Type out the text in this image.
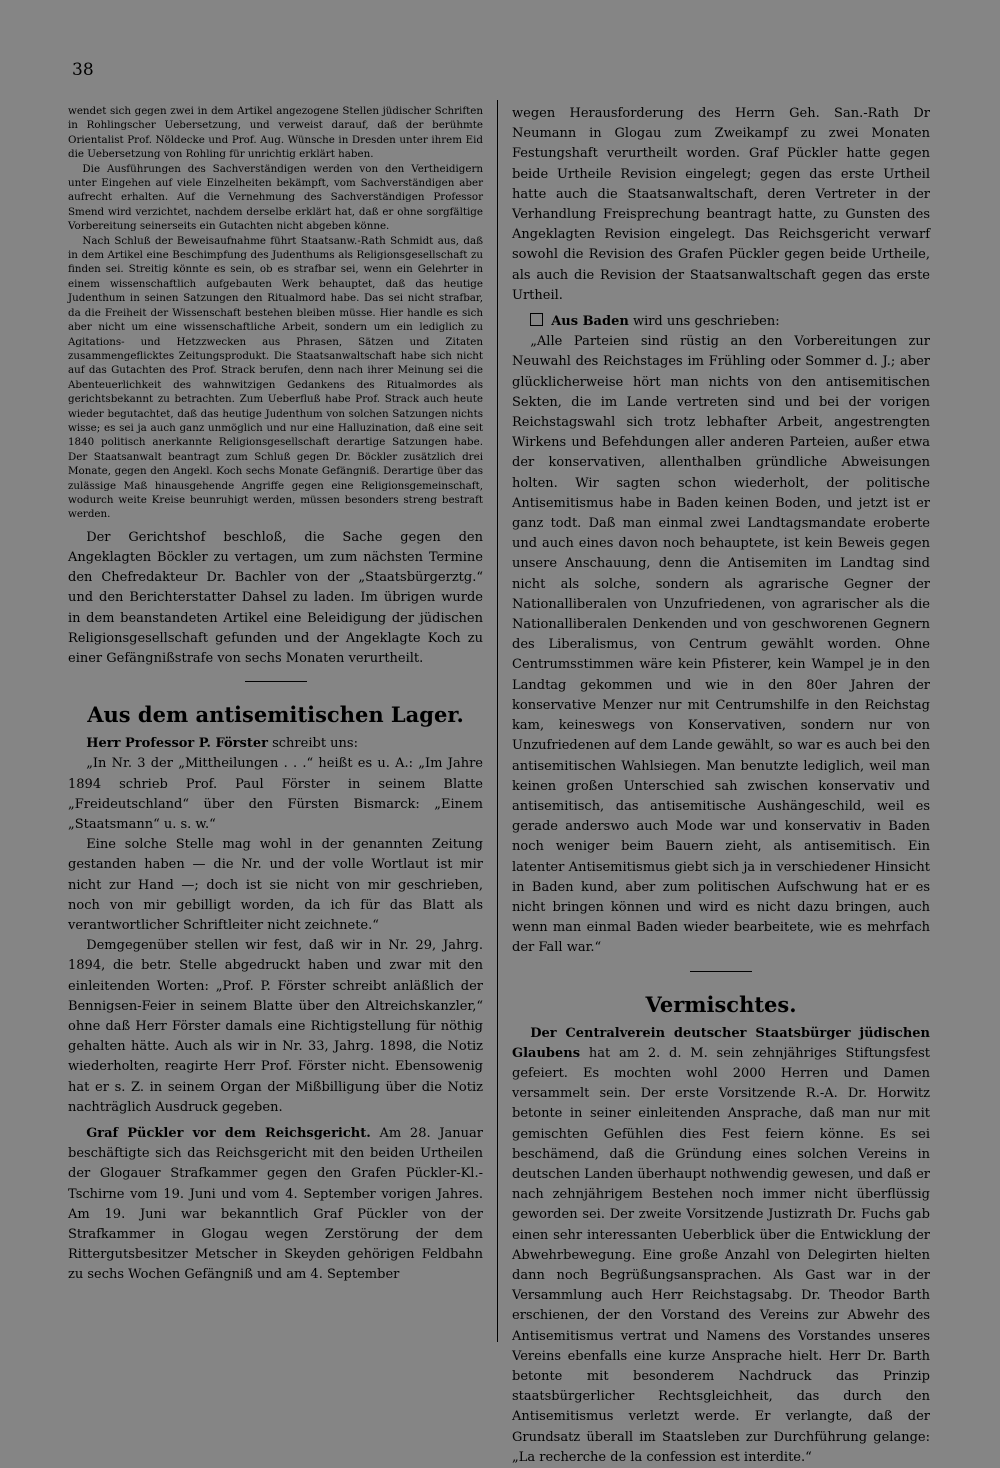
38

wendet sich gegen zwei in dem Artikel angezogene Stellen jüdischer Schriften in Rohlingscher Uebersetzung, und verweist darauf, daß der berühmte Orientalist Prof. Nöldecke und Prof. Aug. Wünsche in Dresden unter ihrem Eid die Uebersetzung von Rohling für unrichtig erklärt haben.

Die Ausführungen des Sachverständigen werden von den Vertheidigern unter Eingehen auf viele Einzelheiten bekämpft, vom Sachverständigen aber aufrecht erhalten. Auf die Vernehmung des Sachverständigen Professor Smend wird verzichtet, nachdem derselbe erklärt hat, daß er ohne sorgfältige Vorbereitung seinerseits ein Gutachten nicht abgeben könne.

Nach Schluß der Beweisaufnahme führt Staatsanw.-Rath Schmidt aus, daß in dem Artikel eine Beschimpfung des Judenthums als Religionsgesellschaft zu finden sei. Streitig könnte es sein, ob es strafbar sei, wenn ein Gelehrter in einem wissenschaftlich aufgebauten Werk behauptet, daß das heutige Judenthum in seinen Satzungen den Ritualmord habe. Das sei nicht strafbar, da die Freiheit der Wissenschaft bestehen bleiben müsse. Hier handle es sich aber nicht um eine wissenschaftliche Arbeit, sondern um ein lediglich zu Agitations- und Hetzzwecken aus Phrasen, Sätzen und Zitaten zusammengeflicktes Zeitungsprodukt. Die Staatsanwaltschaft habe sich nicht auf das Gutachten des Prof. Strack berufen, denn nach ihrer Meinung sei die Abenteuerlichkeit des wahnwitzigen Gedankens des Ritualmordes als gerichtsbekannt zu betrachten. Zum Ueberfluß habe Prof. Strack auch heute wieder begutachtet, daß das heutige Judenthum von solchen Satzungen nichts wisse; es sei ja auch ganz unmöglich und nur eine Halluzination, daß eine seit 1840 politisch anerkannte Religionsgesellschaft derartige Satzungen habe. Der Staatsanwalt beantragt zum Schluß gegen Dr. Böckler zusätzlich drei Monate, gegen den Angekl. Koch sechs Monate Gefängniß. Derartige über das zulässige Maß hinausgehende Angriffe gegen eine Religionsgemeinschaft, wodurch weite Kreise beunruhigt werden, müssen besonders streng bestraft werden.

Der Gerichtshof beschloß, die Sache gegen den Angeklagten Böckler zu vertagen, um zum nächsten Termine den Chefredakteur Dr. Bachler von der „Staatsbürgerztg.“ und den Berichterstatter Dahsel zu laden. Im übrigen wurde in dem beanstandeten Artikel eine Beleidigung der jüdischen Religionsgesellschaft gefunden und der Angeklagte Koch zu einer Gefängnißstrafe von sechs Monaten verurtheilt.

Aus dem antisemitischen Lager.

Herr Professor P. Förster schreibt uns:

„In Nr. 3 der „Mittheilungen . . .“ heißt es u. A.: „Im Jahre 1894 schrieb Prof. Paul Förster in seinem Blatte „Freideutschland“ über den Fürsten Bismarck: „Einem „Staatsmann“ u. s. w.“

Eine solche Stelle mag wohl in der genannten Zeitung gestanden haben — die Nr. und der volle Wortlaut ist mir nicht zur Hand —; doch ist sie nicht von mir geschrieben, noch von mir gebilligt worden, da ich für das Blatt als verantwortlicher Schriftleiter nicht zeichnete.“

Demgegenüber stellen wir fest, daß wir in Nr. 29, Jahrg. 1894, die betr. Stelle abgedruckt haben und zwar mit den einleitenden Worten: „Prof. P. Förster schreibt anläßlich der Bennigsen-Feier in seinem Blatte über den Altreichskanzler,“ ohne daß Herr Förster damals eine Richtigstellung für nöthig gehalten hätte. Auch als wir in Nr. 33, Jahrg. 1898, die Notiz wiederholten, reagirte Herr Prof. Förster nicht. Ebensowenig hat er s. Z. in seinem Organ der Mißbilligung über die Notiz nachträglich Ausdruck gegeben.

Graf Pückler vor dem Reichsgericht. Am 28. Januar beschäftigte sich das Reichsgericht mit den beiden Urtheilen der Glogauer Strafkammer gegen den Grafen Pückler-Kl.-Tschirne vom 19. Juni und vom 4. September vorigen Jahres. Am 19. Juni war bekanntlich Graf Pückler von der Strafkammer in Glogau wegen Zerstörung der dem Rittergutsbesitzer Metscher in Skeyden gehörigen Feldbahn zu sechs Wochen Gefängniß und am 4. September

wegen Herausforderung des Herrn Geh. San.-Rath Dr Neumann in Glogau zum Zweikampf zu zwei Monaten Festungshaft verurtheilt worden. Graf Pückler hatte gegen beide Urtheile Revision eingelegt; gegen das erste Urtheil hatte auch die Staatsanwaltschaft, deren Vertreter in der Verhandlung Freisprechung beantragt hatte, zu Gunsten des Angeklagten Revision eingelegt. Das Reichsgericht verwarf sowohl die Revision des Grafen Pückler gegen beide Urtheile, als auch die Revision der Staatsanwaltschaft gegen das erste Urtheil.

Aus Baden wird uns geschrieben:

„Alle Parteien sind rüstig an den Vorbereitungen zur Neuwahl des Reichstages im Frühling oder Sommer d. J.; aber glücklicherweise hört man nichts von den antisemitischen Sekten, die im Lande vertreten sind und bei der vorigen Reichstagswahl sich trotz lebhafter Arbeit, angestrengten Wirkens und Befehdungen aller anderen Parteien, außer etwa der konservativen, allenthalben gründliche Abweisungen holten. Wir sagten schon wiederholt, der politische Antisemitismus habe in Baden keinen Boden, und jetzt ist er ganz todt. Daß man einmal zwei Landtagsmandate eroberte und auch eines davon noch behauptete, ist kein Beweis gegen unsere Anschauung, denn die Antisemiten im Landtag sind nicht als solche, sondern als agrarische Gegner der Nationalliberalen von Unzufriedenen, von agrarischer als die Nationalliberalen Denkenden und von geschworenen Gegnern des Liberalismus, von Centrum gewählt worden. Ohne Centrumsstimmen wäre kein Pfisterer, kein Wampel je in den Landtag gekommen und wie in den 80er Jahren der konservative Menzer nur mit Centrumshilfe in den Reichstag kam, keineswegs von Konservativen, sondern nur von Unzufriedenen auf dem Lande gewählt, so war es auch bei den antisemitischen Wahlsiegen. Man benutzte lediglich, weil man keinen großen Unterschied sah zwischen konservativ und antisemitisch, das antisemitische Aushängeschild, weil es gerade anderswo auch Mode war und konservativ in Baden noch weniger beim Bauern zieht, als antisemitisch. Ein latenter Antisemitismus giebt sich ja in verschiedener Hinsicht in Baden kund, aber zum politischen Aufschwung hat er es nicht bringen können und wird es nicht dazu bringen, auch wenn man einmal Baden wieder bearbeitete, wie es mehrfach der Fall war.“

Vermischtes.

Der Centralverein deutscher Staatsbürger jüdischen Glaubens hat am 2. d. M. sein zehnjähriges Stiftungsfest gefeiert. Es mochten wohl 2000 Herren und Damen versammelt sein. Der erste Vorsitzende R.-A. Dr. Horwitz betonte in seiner einleitenden Ansprache, daß man nur mit gemischten Gefühlen dies Fest feiern könne. Es sei beschämend, daß die Gründung eines solchen Vereins in deutschen Landen überhaupt nothwendig gewesen, und daß er nach zehnjährigem Bestehen noch immer nicht überflüssig geworden sei. Der zweite Vorsitzende Justizrath Dr. Fuchs gab einen sehr interessanten Ueberblick über die Entwicklung der Abwehrbewegung. Eine große Anzahl von Delegirten hielten dann noch Begrüßungsansprachen. Als Gast war in der Versammlung auch Herr Reichstagsabg. Dr. Theodor Barth erschienen, der den Vorstand des Vereins zur Abwehr des Antisemitismus vertrat und Namens des Vorstandes unseres Vereins ebenfalls eine kurze Ansprache hielt. Herr Dr. Barth betonte mit besonderem Nachdruck das Prinzip staatsbürgerlicher Rechtsgleichheit, das durch den Antisemitismus verletzt werde. Er verlangte, daß der Grundsatz überall im Staatsleben zur Durchführung gelange: „La recherche de la confession est interdite.“
